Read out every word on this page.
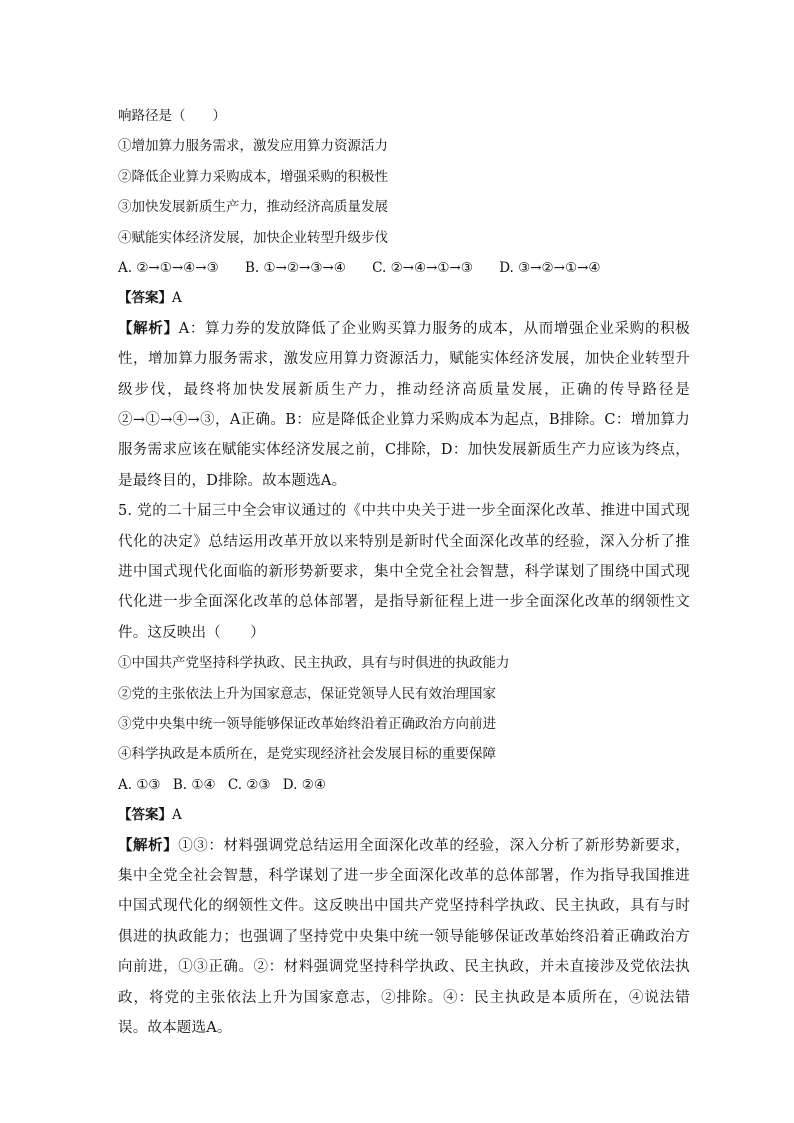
响路径是（　　）
①增加算力服务需求，激发应用算力资源活力
②降低企业算力采购成本，增强采购的积极性
③加快发展新质生产力，推动经济高质量发展
④赋能实体经济发展，加快企业转型升级步伐
A. ②→①→④→③ B. ①→②→③→④ C. ②→④→①→③ D. ③→②→①→④
【答案】A
【解析】A：算力券的发放降低了企业购买算力服务的成本，从而增强企业采购的积极性，增加算力服务需求，激发应用算力资源活力，赋能实体经济发展，加快企业转型升级步伐，最终将加快发展新质生产力，推动经济高质量发展，正确的传导路径是②→①→④→③，A正确。B：应是降低企业算力采购成本为起点，B排除。C：增加算力服务需求应该在赋能实体经济发展之前，C排除，D：加快发展新质生产力应该为终点，是最终目的，D排除。故本题选A。
5. 党的二十届三中全会审议通过的《中共中央关于进一步全面深化改革、推进中国式现代化的决定》总结运用改革开放以来特别是新时代全面深化改革的经验，深入分析了推进中国式现代化面临的新形势新要求，集中全党全社会智慧，科学谋划了围绕中国式现代化进一步全面深化改革的总体部署，是指导新征程上进一步全面深化改革的纲领性文件。这反映出（　　）
①中国共产党坚持科学执政、民主执政，具有与时俱进的执政能力
②党的主张依法上升为国家意志，保证党领导人民有效治理国家
③党中央集中统一领导能够保证改革始终沿着正确政治方向前进
④科学执政是本质所在，是党实现经济社会发展目标的重要保障
A. ①③ B. ①④ C. ②③ D. ②④
【答案】A
【解析】①③：材料强调党总结运用全面深化改革的经验，深入分析了新形势新要求，集中全党全社会智慧，科学谋划了进一步全面深化改革的总体部署，作为指导我国推进中国式现代化的纲领性文件。这反映出中国共产党坚持科学执政、民主执政，具有与时俱进的执政能力；也强调了坚持党中央集中统一领导能够保证改革始终沿着正确政治方向前进，①③正确。②：材料强调党坚持科学执政、民主执政，并未直接涉及党依法执政，将党的主张依法上升为国家意志，②排除。④：民主执政是本质所在，④说法错误。故本题选A。
